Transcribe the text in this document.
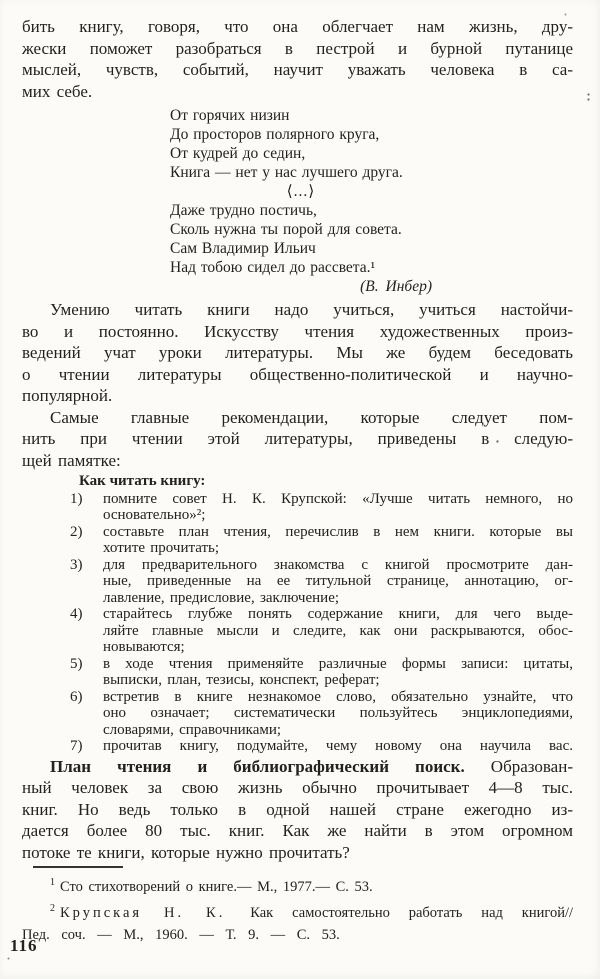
бить книгу, говоря, что она облегчает нам жизнь, дру-
жески поможет разобраться в пестрой и бурной путанице
мыслей, чувств, событий, научит уважать человека в са-
мих себе.
От горячих низин
До просторов полярного круга,
От кудрей до седин,
Книга — нет у нас лучшего друга.
⟨...⟩
Даже трудно постичь,
Сколь нужна ты порой для совета.
Сам Владимир Ильич
Над тобою сидел до рассвета.¹
(В. Инбер)
Умению читать книги надо учиться, учиться настойчи-
во и постоянно. Искусству чтения художественных произ-
ведений учат уроки литературы. Мы же будем беседовать
о чтении литературы общественно-политической и научно-
популярной.
Самые главные рекомендации, которые следует пом-
нить при чтении этой литературы, приведены в следую-
щей памятке:
Как читать книгу:
1) помните совет Н. К. Крупской: «Лучше читать немного, но
основательно»²;
2) составьте план чтения, перечислив в нем книги. которые вы
хотите прочитать;
3) для предварительного знакомства с книгой просмотрите дан-
ные, приведенные на ее титульной странице, аннотацию, ог-
лавление, предисловие, заключение;
4) старайтесь глубже понять содержание книги, для чего выде-
ляйте главные мысли и следите, как они раскрываются, обос-
новываются;
5) в ходе чтения применяйте различные формы записи: цитаты,
выписки, план, тезисы, конспект, реферат;
6) встретив в книге незнакомое слово, обязательно узнайте, что
оно означает; систематически пользуйтесь энциклопедиями,
словарями, справочниками;
7) прочитав книгу, подумайте, чему новому она научила вас.
План чтения и библиографический поиск. Образован-
ный человек за свою жизнь обычно прочитывает 4—8 тыс.
книг. Но ведь только в одной нашей стране ежегодно из-
дается более 80 тыс. книг. Как же найти в этом огромном
потоке те книги, которые нужно прочитать?
$^1$ Сто стихотворений о книге.— М., 1977.— С. 53.
$^2$ Крупская Н. К. Как самостоятельно работать над книгой//
Пед. соч. — М., 1960. — Т. 9. — С. 53.
116
